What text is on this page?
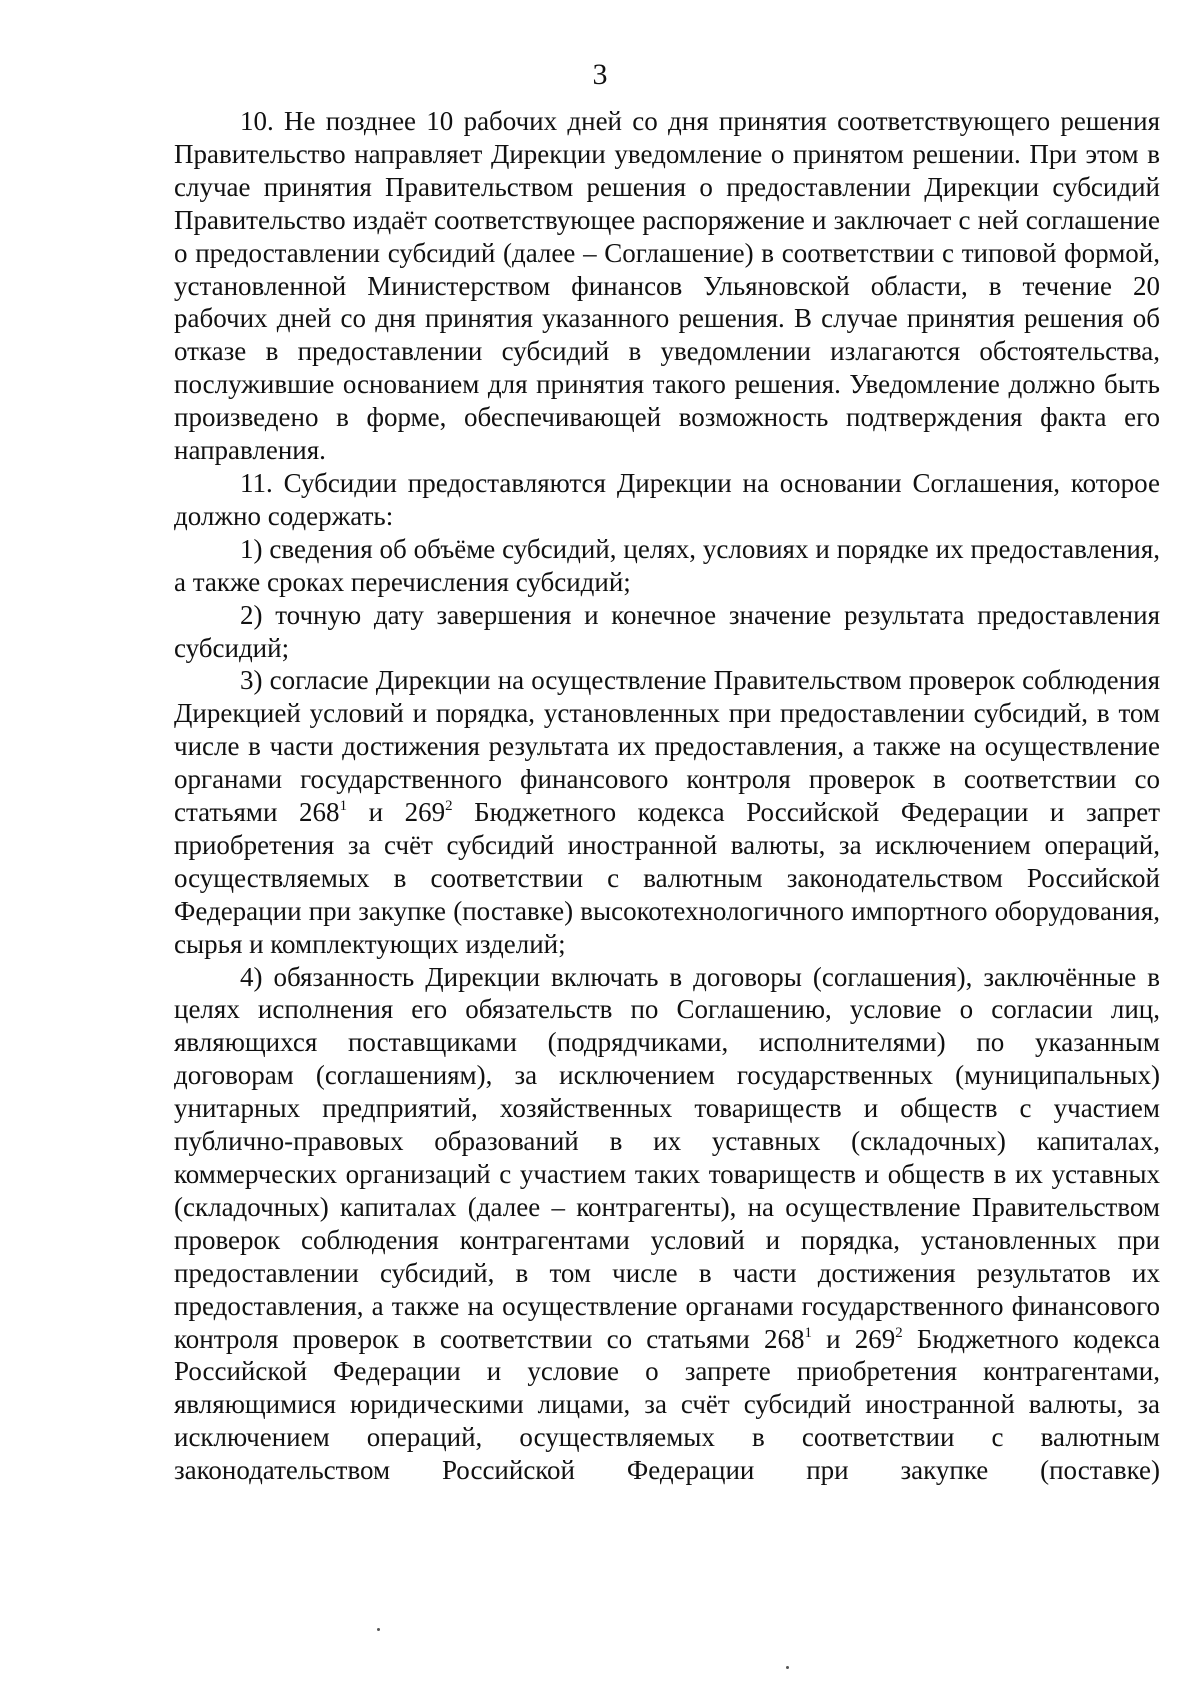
3

10. Не позднее 10 рабочих дней со дня принятия соответствующего решения Правительство направляет Дирекции уведомление о принятом решении. При этом в случае принятия Правительством решения о предоставлении Дирекции субсидий Правительство издаёт соответствующее распоряжение и заключает с ней соглашение о предоставлении субсидий (далее – Соглашение) в соответствии с типовой формой, установленной Министерством финансов Ульяновской области, в течение 20 рабочих дней со дня принятия указанного решения. В случае принятия решения об отказе в предоставлении субсидий в уведомлении излагаются обстоятельства, послужившие основанием для принятия такого решения. Уведомление должно быть произведено в форме, обеспечивающей возможность подтверждения факта его направления.

11. Субсидии предоставляются Дирекции на основании Соглашения, которое должно содержать:

1) сведения об объёме субсидий, целях, условиях и порядке их предоставления, а также сроках перечисления субсидий;

2) точную дату завершения и конечное значение результата предоставления субсидий;

3) согласие Дирекции на осуществление Правительством проверок соблюдения Дирекцией условий и порядка, установленных при предоставлении субсидий, в том числе в части достижения результата их предоставления, а также на осуществление органами государственного финансового контроля проверок в соответствии со статьями $268^1$ и $269^2$ Бюджетного кодекса Российской Федерации и запрет приобретения за счёт субсидий иностранной валюты, за исключением операций, осуществляемых в соответствии с валютным законодательством Российской Федерации при закупке (поставке) высокотехнологичного импортного оборудования, сырья и комплектующих изделий;

4) обязанность Дирекции включать в договоры (соглашения), заключённые в целях исполнения его обязательств по Соглашению, условие о согласии лиц, являющихся поставщиками (подрядчиками, исполнителями) по указанным договорам (соглашениям), за исключением государственных (муниципальных) унитарных предприятий, хозяйственных товариществ и обществ с участием публично-правовых образований в их уставных (складочных) капиталах, коммерческих организаций с участием таких товариществ и обществ в их уставных (складочных) капиталах (далее – контрагенты), на осуществление Правительством проверок соблюдения контрагентами условий и порядка, установленных при предоставлении субсидий, в том числе в части достижения результатов их предоставления, а также на осуществление органами государственного финансового контроля проверок в соответствии со статьями $268^1$ и $269^2$ Бюджетного кодекса Российской Федерации и условие о запрете приобретения контрагентами, являющимися юридическими лицами, за счёт субсидий иностранной валюты, за исключением операций, осуществляемых в соответствии с валютным законодательством Российской Федерации при закупке (поставке)
